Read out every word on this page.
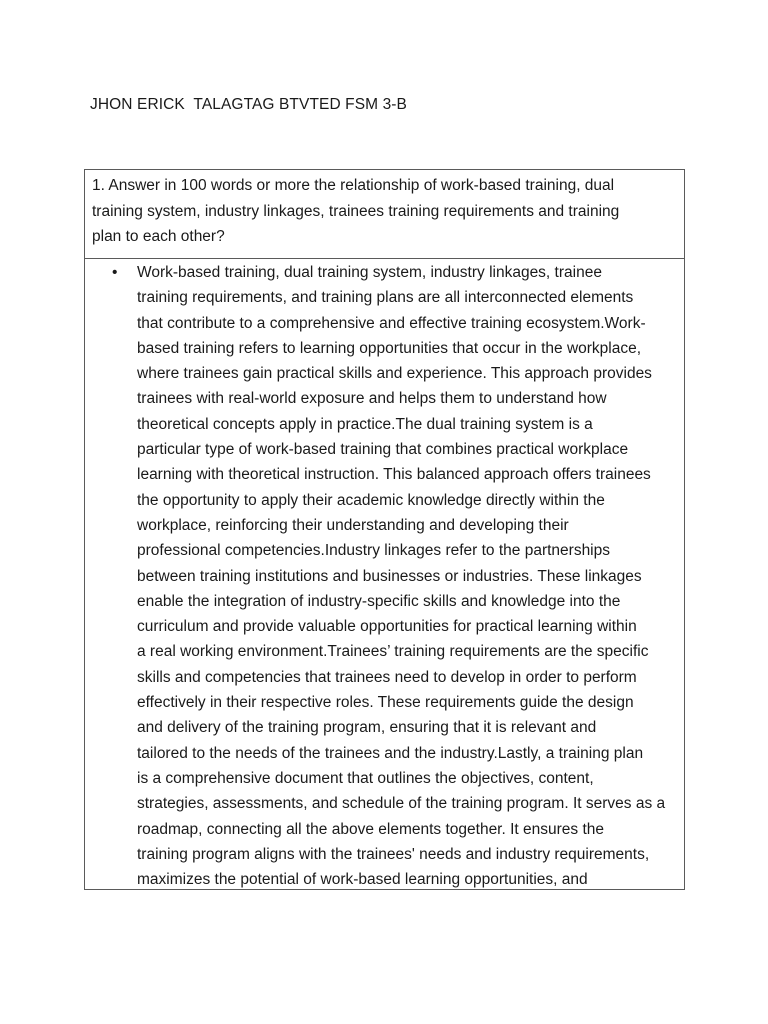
JHON ERICK  TALAGTAG BTVTED FSM 3-B
1. Answer in 100 words or more the relationship of work-based training, dual
training system, industry linkages, trainees training requirements and training
plan to each other?
• Work-based training, dual training system, industry linkages, trainee
training requirements, and training plans are all interconnected elements
that contribute to a comprehensive and effective training ecosystem.Work-
based training refers to learning opportunities that occur in the workplace,
where trainees gain practical skills and experience. This approach provides
trainees with real-world exposure and helps them to understand how
theoretical concepts apply in practice.The dual training system is a
particular type of work-based training that combines practical workplace
learning with theoretical instruction. This balanced approach offers trainees
the opportunity to apply their academic knowledge directly within the
workplace, reinforcing their understanding and developing their
professional competencies.Industry linkages refer to the partnerships
between training institutions and businesses or industries. These linkages
enable the integration of industry-specific skills and knowledge into the
curriculum and provide valuable opportunities for practical learning within
a real working environment.Trainees’ training requirements are the specific
skills and competencies that trainees need to develop in order to perform
effectively in their respective roles. These requirements guide the design
and delivery of the training program, ensuring that it is relevant and
tailored to the needs of the trainees and the industry.Lastly, a training plan
is a comprehensive document that outlines the objectives, content,
strategies, assessments, and schedule of the training program. It serves as a
roadmap, connecting all the above elements together. It ensures the
training program aligns with the trainees' needs and industry requirements,
maximizes the potential of work-based learning opportunities, and
